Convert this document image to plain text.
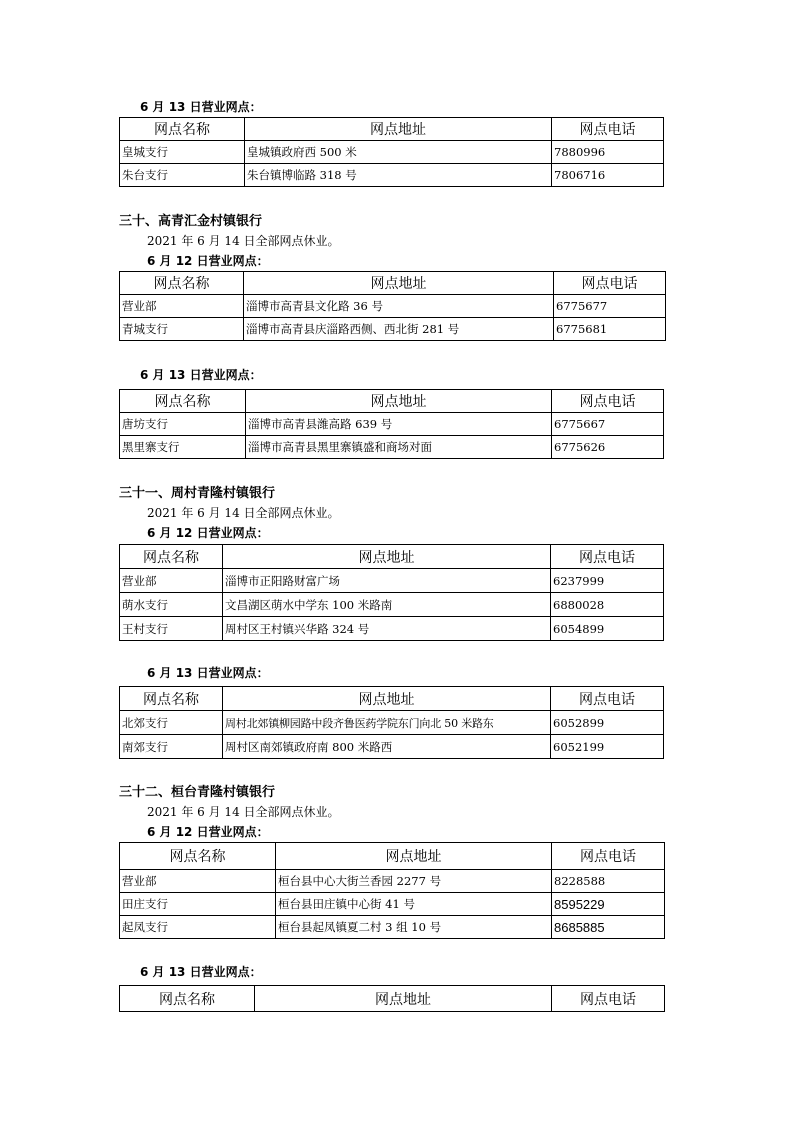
6 月 13 日营业网点：
网点名称	网点地址	网点电话
皇城支行	皇城镇政府西 500 米	7880996
朱台支行	朱台镇博临路 318 号	7806716
三十、高青汇金村镇银行
2021 年 6 月 14 日全部网点休业。
6 月 12 日营业网点：
网点名称	网点地址	网点电话
营业部	淄博市高青县文化路 36 号	6775677
青城支行	淄博市高青县庆淄路西侧、西北街 281 号	6775681
6 月 13 日营业网点：
网点名称	网点地址	网点电话
唐坊支行	淄博市高青县潍高路 639 号	6775667
黑里寨支行	淄博市高青县黑里寨镇盛和商场对面	6775626
三十一、周村青隆村镇银行
2021 年 6 月 14 日全部网点休业。
6 月 12 日营业网点：
网点名称	网点地址	网点电话
营业部	淄博市正阳路财富广场	6237999
萌水支行	文昌湖区萌水中学东 100 米路南	6880028
王村支行	周村区王村镇兴华路 324 号	6054899
6 月 13 日营业网点：
网点名称	网点地址	网点电话
北郊支行	周村北郊镇柳园路中段齐鲁医药学院东门向北 50 米路东	6052899
南郊支行	周村区南郊镇政府南 800 米路西	6052199
三十二、桓台青隆村镇银行
2021 年 6 月 14 日全部网点休业。
6 月 12 日营业网点：
网点名称	网点地址	网点电话
营业部	桓台县中心大街兰香园 2277 号	8228588
田庄支行	桓台县田庄镇中心街 41 号	8595229
起凤支行	桓台县起凤镇夏二村 3 组 10 号	8685885
6 月 13 日营业网点：
网点名称	网点地址	网点电话
